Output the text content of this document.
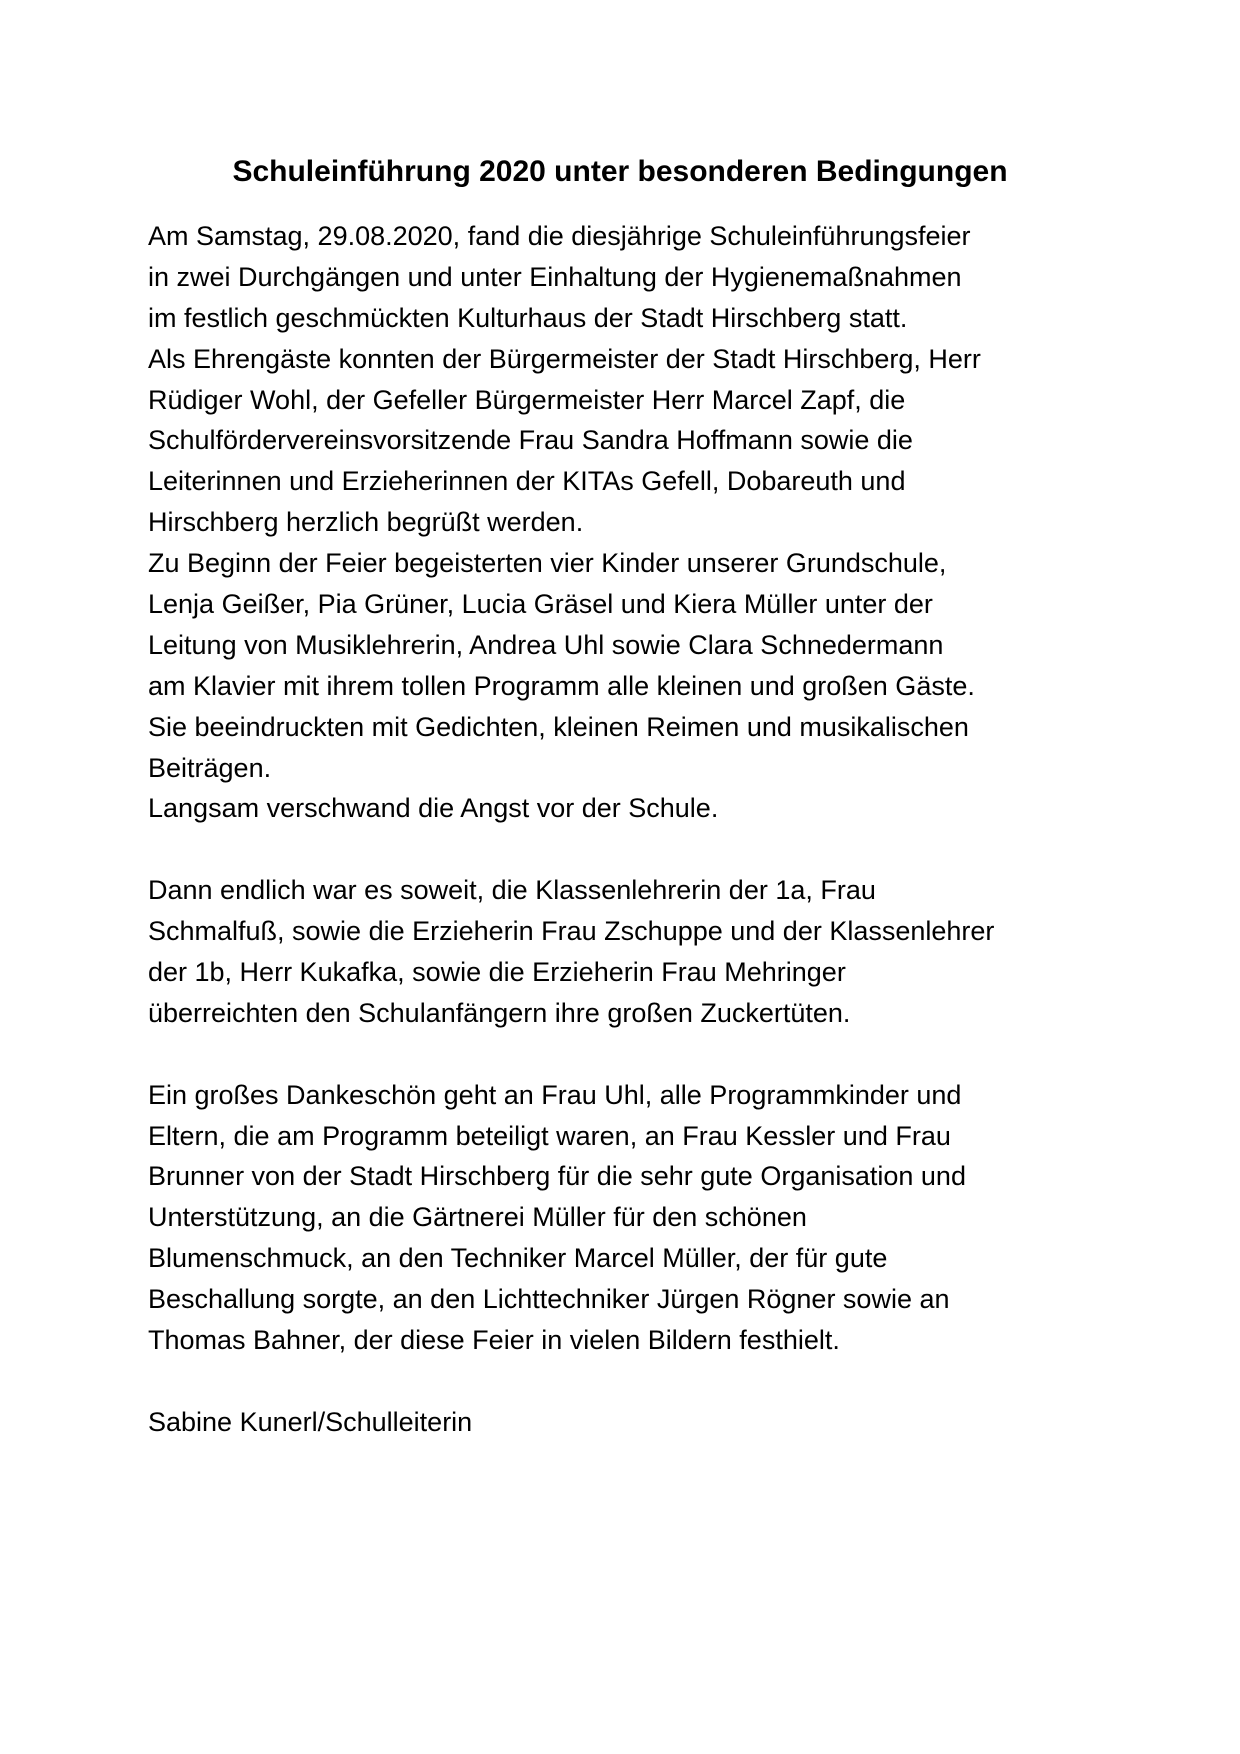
Schuleinführung 2020 unter besonderen Bedingungen
Am Samstag, 29.08.2020, fand die diesjährige Schuleinführungsfeier
in zwei Durchgängen und unter Einhaltung der Hygienemaßnahmen
im festlich geschmückten Kulturhaus der Stadt Hirschberg statt.
Als Ehrengäste konnten der Bürgermeister der Stadt Hirschberg, Herr
Rüdiger Wohl, der Gefeller Bürgermeister Herr Marcel Zapf, die
Schulfördervereinsvorsitzende Frau Sandra Hoffmann sowie die
Leiterinnen und Erzieherinnen der KITAs Gefell, Dobareuth und
Hirschberg herzlich begrüßt werden.
Zu Beginn der Feier begeisterten vier Kinder unserer Grundschule,
Lenja Geißer, Pia Grüner, Lucia Gräsel und Kiera Müller unter der
Leitung von Musiklehrerin, Andrea Uhl sowie Clara Schnedermann
am Klavier mit ihrem tollen Programm alle kleinen und großen Gäste.
Sie beeindruckten mit Gedichten, kleinen Reimen und musikalischen
Beiträgen.
Langsam verschwand die Angst vor der Schule.
Dann endlich war es soweit, die Klassenlehrerin der 1a, Frau
Schmalfuß, sowie die Erzieherin Frau Zschuppe und der Klassenlehrer
der 1b, Herr Kukafka, sowie die Erzieherin Frau Mehringer
überreichten den Schulanfängern ihre großen Zuckertüten.
Ein großes Dankeschön geht an Frau Uhl, alle Programmkinder und
Eltern, die am Programm beteiligt waren, an Frau Kessler und Frau
Brunner von der Stadt Hirschberg für die sehr gute Organisation und
Unterstützung, an die Gärtnerei Müller für den schönen
Blumenschmuck, an den Techniker Marcel Müller, der für gute
Beschallung sorgte, an den Lichttechniker Jürgen Rögner sowie an
Thomas Bahner, der diese Feier in vielen Bildern festhielt.
Sabine Kunerl/Schulleiterin
